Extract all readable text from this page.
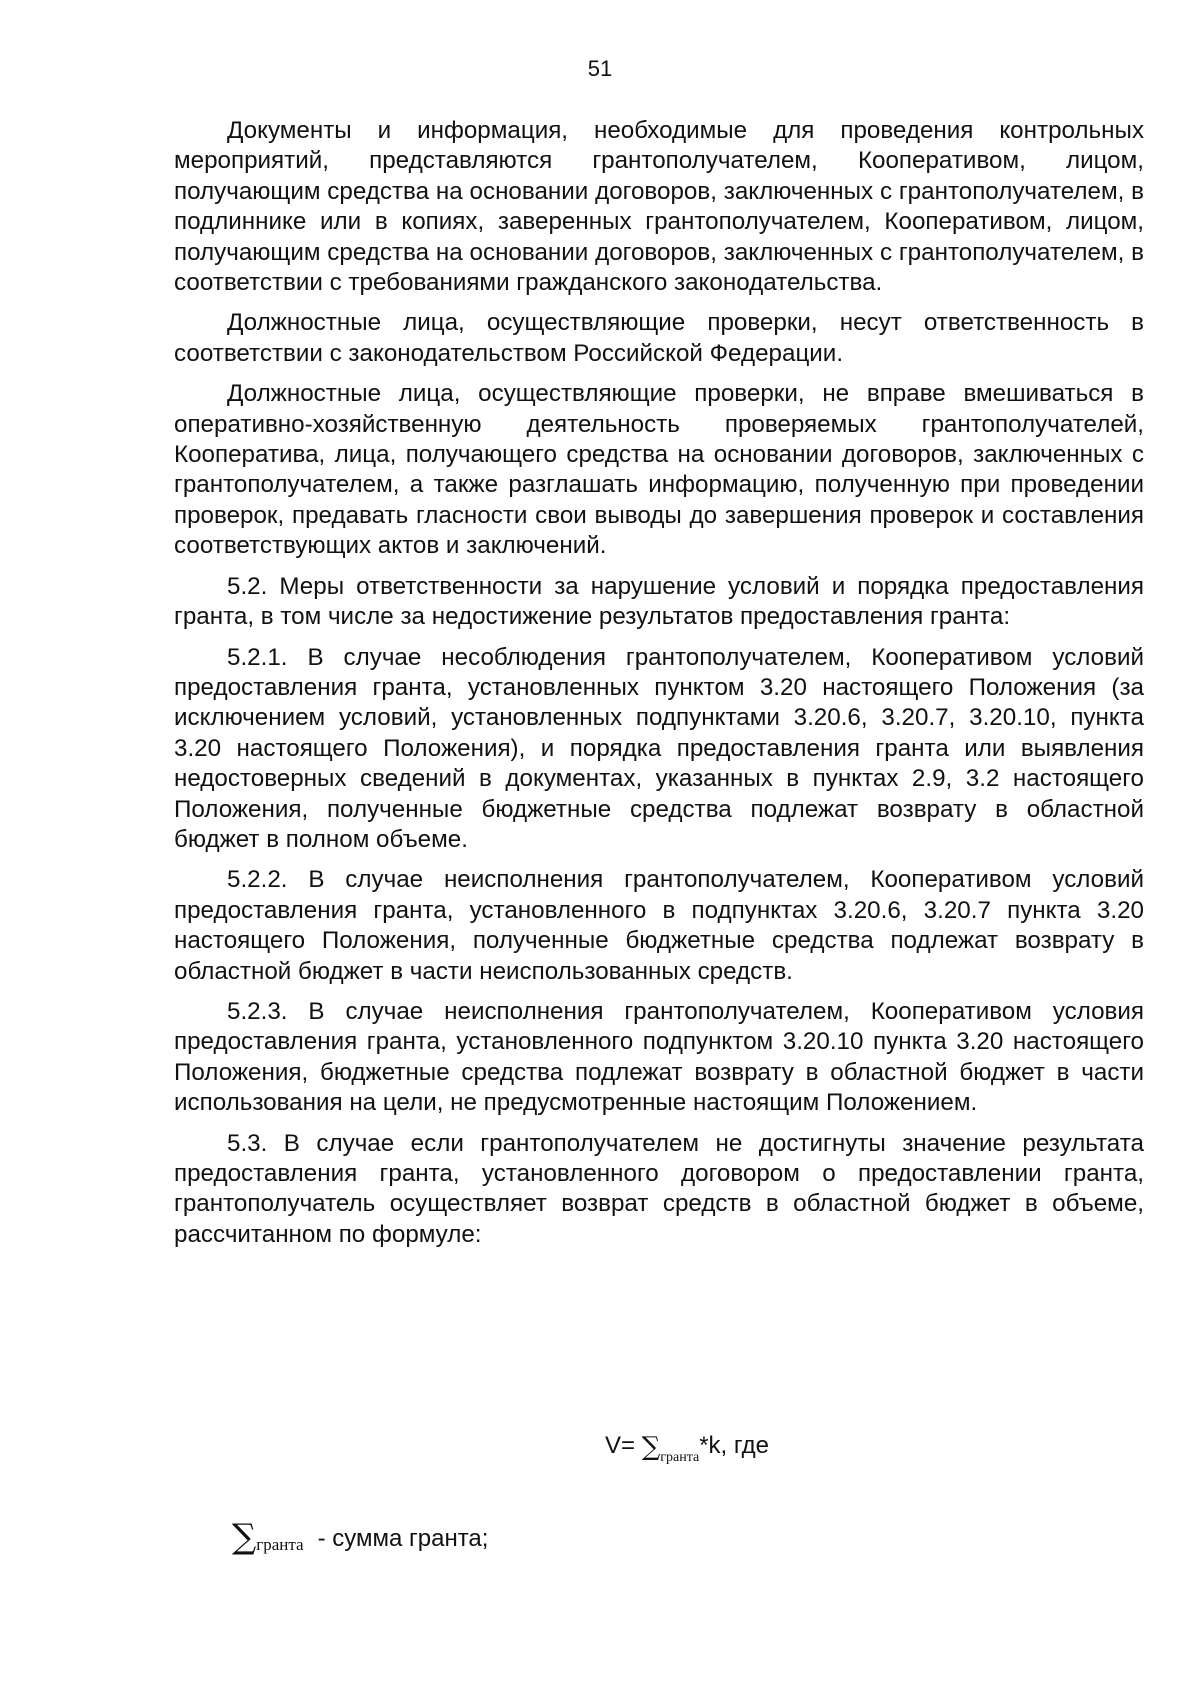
51

Документы и информация, необходимые для проведения контрольных мероприятий, представляются грантополучателем, Кооперативом, лицом, получающим средства на основании договоров, заключенных с грантополучателем, в подлиннике или в копиях, заверенных грантополучателем, Кооперативом, лицом, получающим средства на основании договоров, заключенных с грантополучателем, в соответствии с требованиями гражданского законодательства.

Должностные лица, осуществляющие проверки, несут ответственность в соответствии с законодательством Российской Федерации.

Должностные лица, осуществляющие проверки, не вправе вмешиваться в оперативно-хозяйственную деятельность проверяемых грантополучателей, Кооператива, лица, получающего средства на основании договоров, заключенных с грантополучателем, а также разглашать информацию, полученную при проведении проверок, предавать гласности свои выводы до завершения проверок и составления соответствующих актов и заключений.

5.2. Меры ответственности за нарушение условий и порядка предоставления гранта, в том числе за недостижение результатов предоставления гранта:

5.2.1. В случае несоблюдения грантополучателем, Кооперативом условий предоставления гранта, установленных пунктом 3.20 настоящего Положения (за исключением условий, установленных подпунктами 3.20.6, 3.20.7, 3.20.10, пункта 3.20 настоящего Положения), и порядка предоставления гранта или выявления недостоверных сведений в документах, указанных в пунктах 2.9, 3.2 настоящего Положения, полученные бюджетные средства подлежат возврату в областной бюджет в полном объеме.

5.2.2. В случае неисполнения грантополучателем, Кооперативом условий предоставления гранта, установленного в подпунктах 3.20.6, 3.20.7 пункта 3.20 настоящего Положения, полученные бюджетные средства подлежат возврату в областной бюджет в части неиспользованных средств.

5.2.3. В случае неисполнения грантополучателем, Кооперативом условия предоставления гранта, установленного подпунктом 3.20.10 пункта 3.20 настоящего Положения, бюджетные средства подлежат возврату в областной бюджет в части использования на цели, не предусмотренные настоящим Положением.

5.3. В случае если грантополучателем не достигнуты значение результата предоставления гранта, установленного договором о предоставлении гранта, грантополучатель осуществляет возврат средств в областной бюджет в объеме, рассчитанном по формуле:

$V= \sum_{гранта}*k$, где
∑гранта - сумма гранта;
